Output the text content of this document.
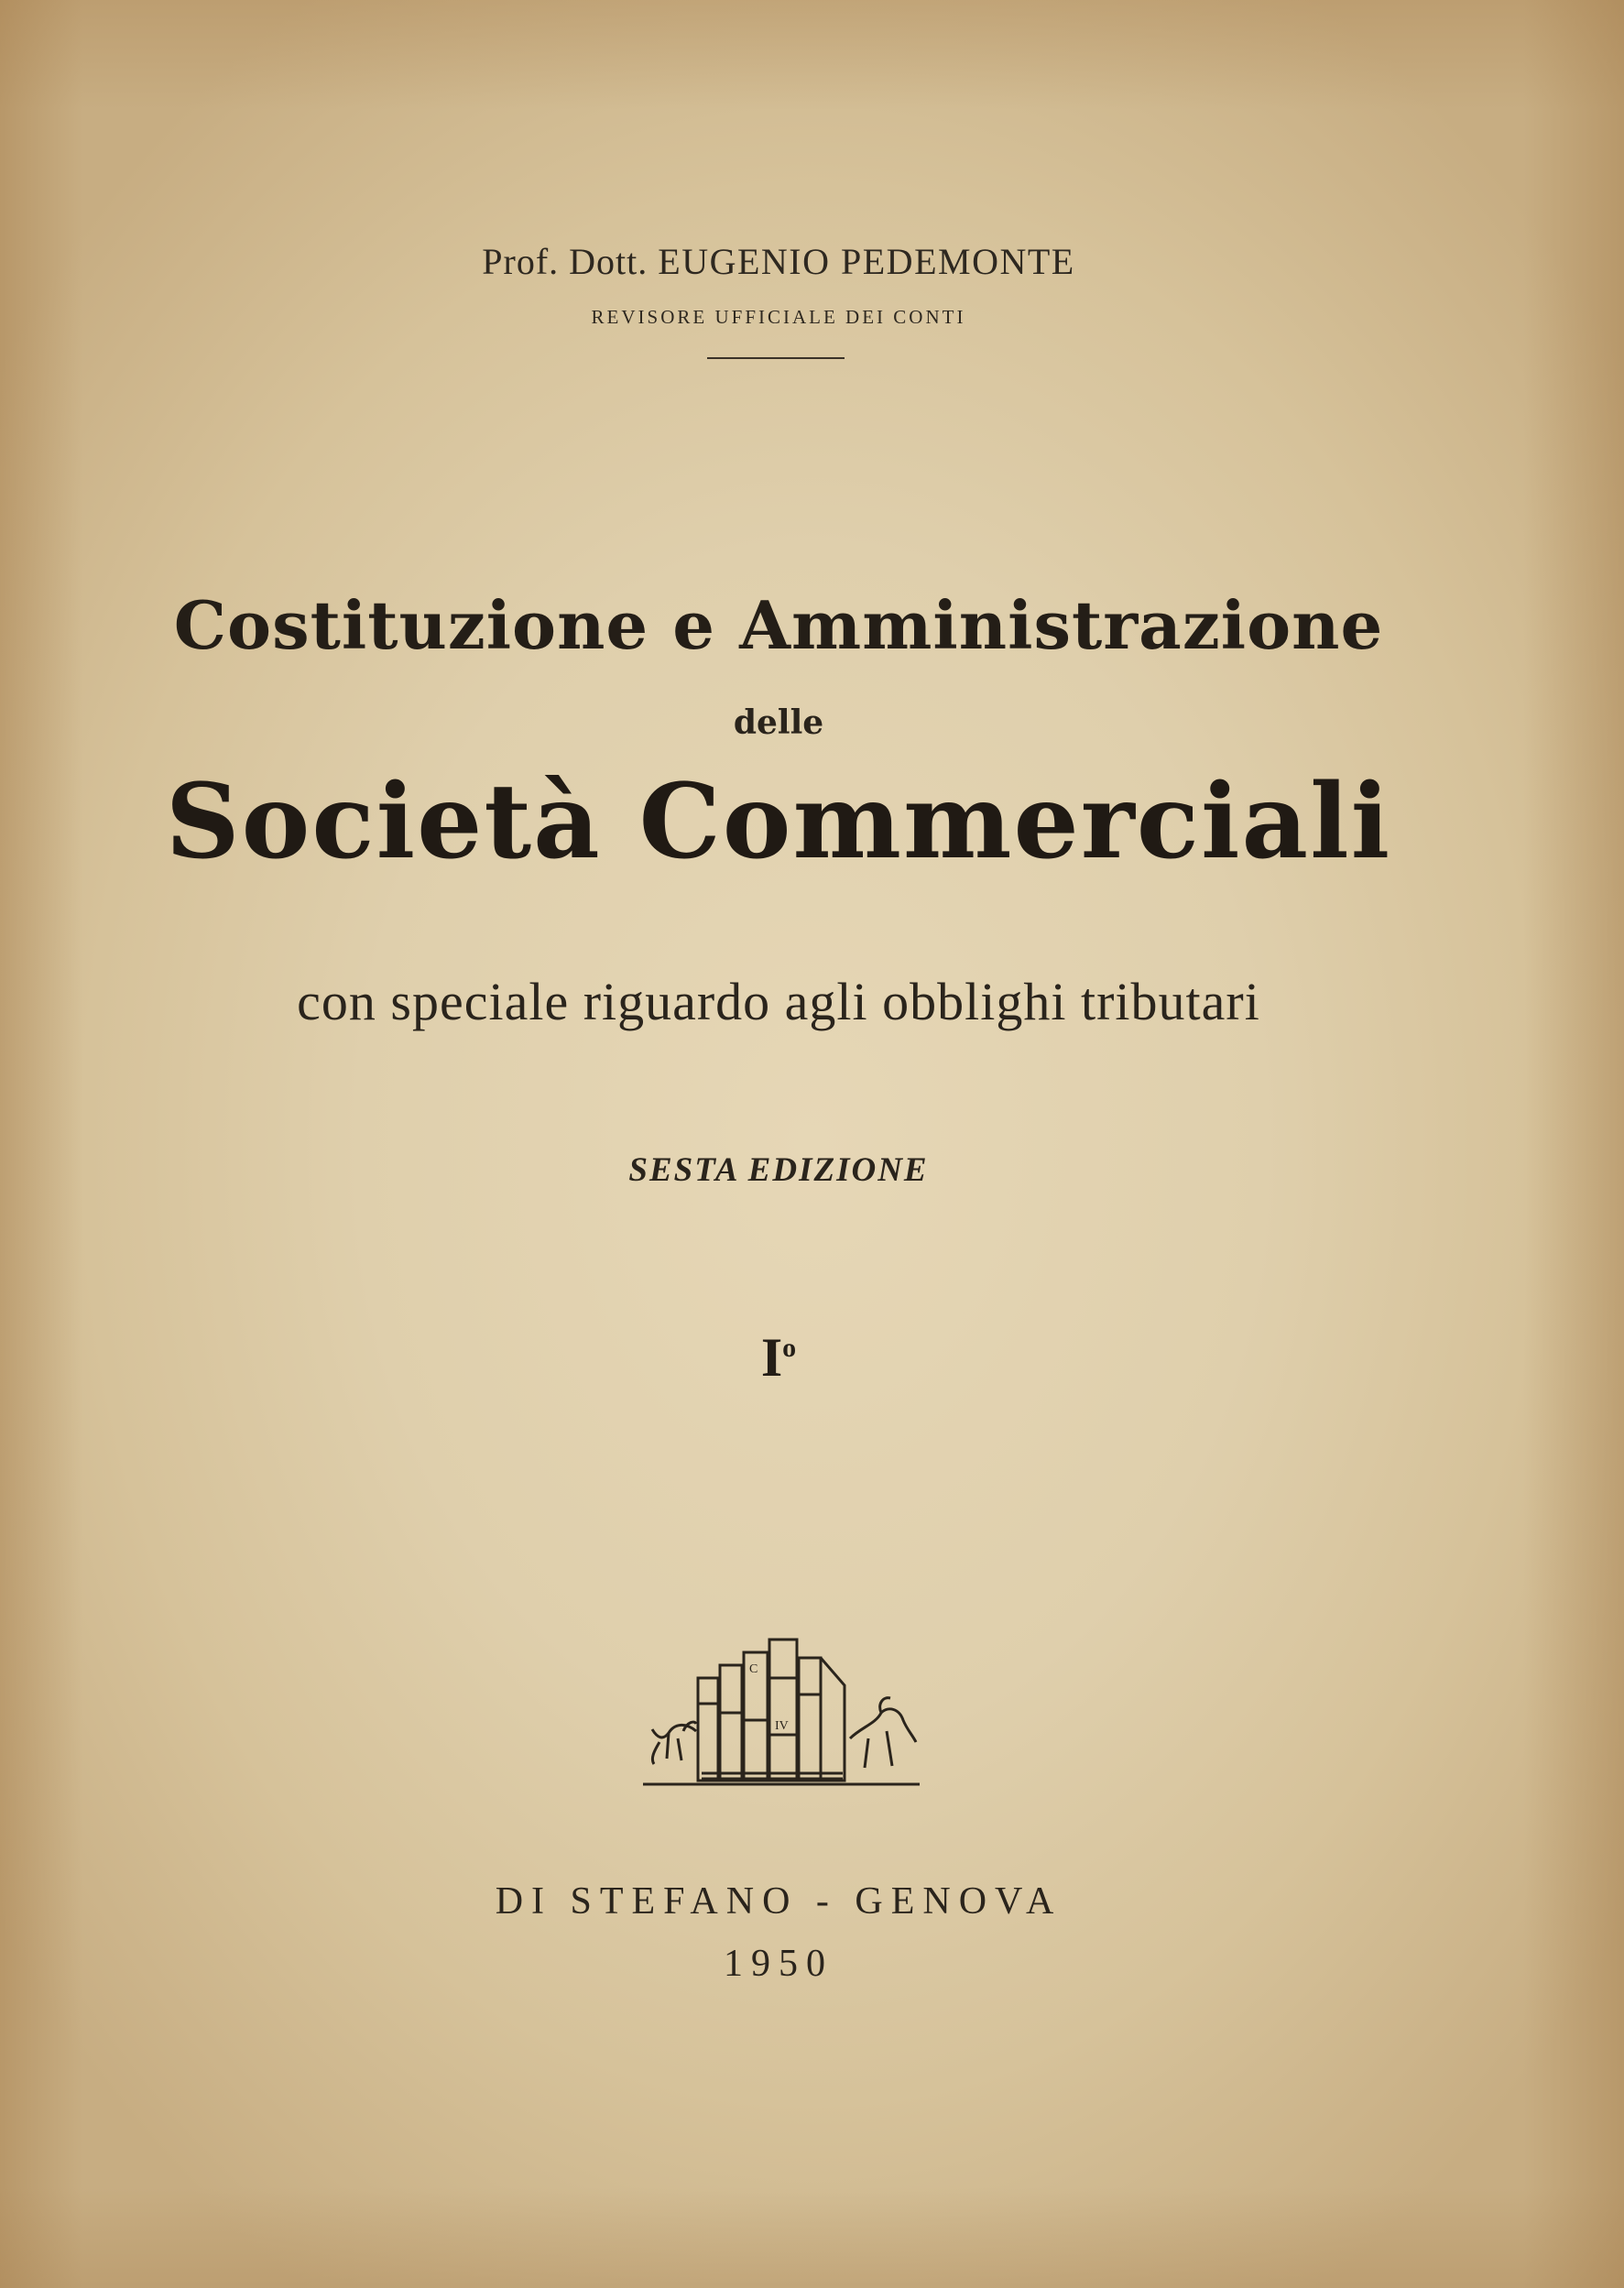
Prof. Dott. EUGENIO PEDEMONTE
REVISORE UFFICIALE DEI CONTI
Costituzione e Amministrazione
delle
Società Commerciali
con speciale riguardo agli obblighi tributari
SESTA EDIZIONE
$I^o$
C
IV
DI STEFANO - GENOVA
1950
